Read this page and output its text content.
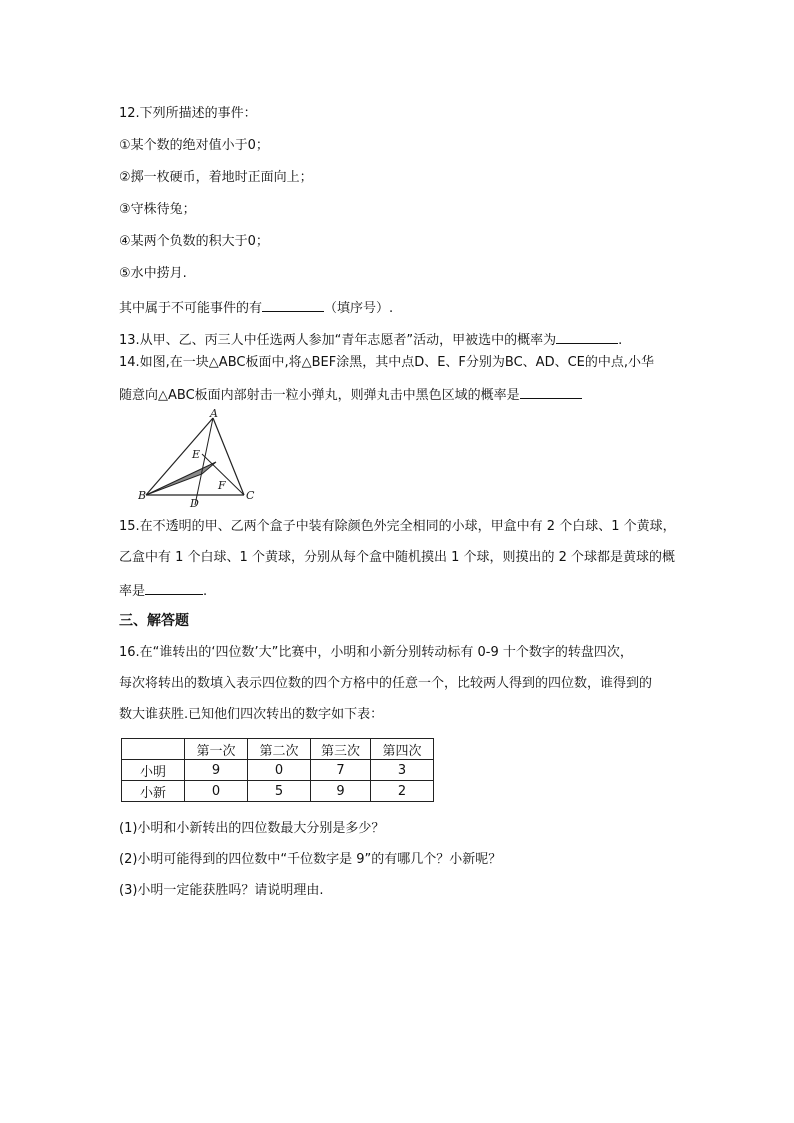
12.下列所描述的事件：
①某个数的绝对值小于0；
②掷一枚硬币，着地时正面向上；
③守株待兔；
④某两个负数的积大于0；
⑤水中捞月.
其中属于不可能事件的有	（填序号）.
13.从甲、乙、丙三人中任选两人参加“青年志愿者”活动，甲被选中的概率为	.
14.如图,在一块△ABC板面中,将△BEF涂黑，其中点D、E、F分别为BC、AD、CE的中点,小华
随意向△ABC板面内部射击一粒小弹丸，则弹丸击中黑色区域的概率是
A
B	C
D
E
F
15.在不透明的甲、乙两个盒子中装有除颜色外完全相同的小球，甲盒中有 2 个白球、1 个黄球，
乙盒中有 1 个白球、1 个黄球，分别从每个盒中随机摸出 1 个球，则摸出的 2 个球都是黄球的概
率是	.
三、解答题
16.在“谁转出的‘四位数’大”比赛中，小明和小新分别转动标有 0-9 十个数字的转盘四次，
每次将转出的数填入表示四位数的四个方格中的任意一个，比较两人得到的四位数，谁得到的
数大谁获胜.已知他们四次转出的数字如下表：
	第一次	第二次	第三次	第四次
小明	9	0	7	3
小新	0	5	9	2
(1)小明和小新转出的四位数最大分别是多少？
(2)小明可能得到的四位数中“千位数字是 9”的有哪几个？小新呢？
(3)小明一定能获胜吗？请说明理由.
